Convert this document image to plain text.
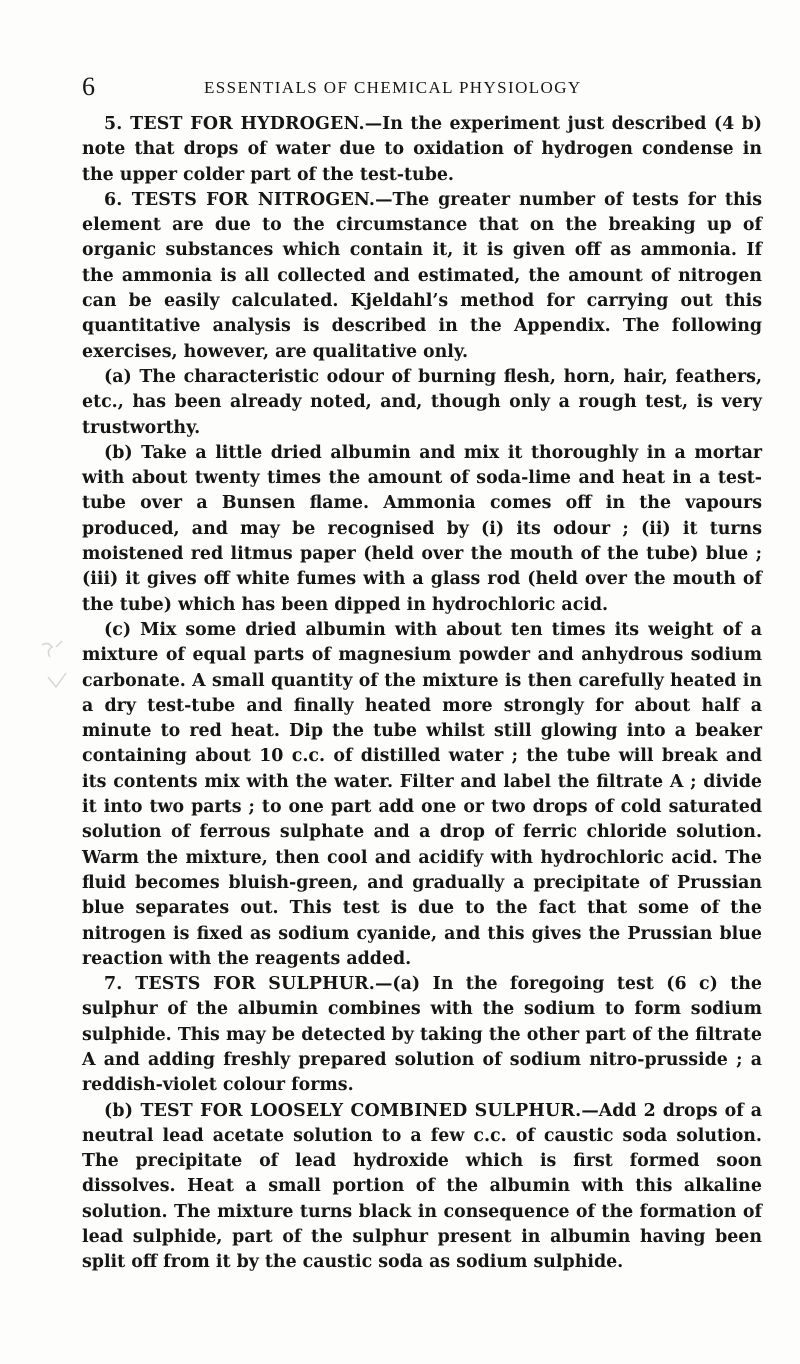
6	ESSENTIALS OF CHEMICAL PHYSIOLOGY

5. TEST FOR HYDROGEN.—In the experiment just described (4 b) note that drops of water due to oxidation of hydrogen condense in the upper colder part of the test-tube.

6. TESTS FOR NITROGEN.—The greater number of tests for this element are due to the circumstance that on the breaking up of organic substances which contain it, it is given off as ammonia. If the ammonia is all collected and estimated, the amount of nitrogen can be easily calculated. Kjeldahl’s method for carrying out this quantitative analysis is described in the Appendix. The following exercises, however, are qualitative only.

(a) The characteristic odour of burning flesh, horn, hair, feathers, etc., has been already noted, and, though only a rough test, is very trustworthy.

(b) Take a little dried albumin and mix it thoroughly in a mortar with about twenty times the amount of soda-lime and heat in a test-tube over a Bunsen flame. Ammonia comes off in the vapours produced, and may be recognised by (i) its odour ; (ii) it turns moistened red litmus paper (held over the mouth of the tube) blue ; (iii) it gives off white fumes with a glass rod (held over the mouth of the tube) which has been dipped in hydrochloric acid.

(c) Mix some dried albumin with about ten times its weight of a mixture of equal parts of magnesium powder and anhydrous sodium carbonate. A small quantity of the mixture is then carefully heated in a dry test-tube and finally heated more strongly for about half a minute to red heat. Dip the tube whilst still glowing into a beaker containing about 10 c.c. of distilled water ; the tube will break and its contents mix with the water. Filter and label the filtrate A ; divide it into two parts ; to one part add one or two drops of cold saturated solution of ferrous sulphate and a drop of ferric chloride solution. Warm the mixture, then cool and acidify with hydrochloric acid. The fluid becomes bluish-green, and gradually a precipitate of Prussian blue separates out. This test is due to the fact that some of the nitrogen is fixed as sodium cyanide, and this gives the Prussian blue reaction with the reagents added.

7. TESTS FOR SULPHUR.—(a) In the foregoing test (6 c) the sulphur of the albumin combines with the sodium to form sodium sulphide. This may be detected by taking the other part of the filtrate A and adding freshly prepared solution of sodium nitro-prusside ; a reddish-violet colour forms.

(b) TEST FOR LOOSELY COMBINED SULPHUR.—Add 2 drops of a neutral lead acetate solution to a few c.c. of caustic soda solution. The precipitate of lead hydroxide which is first formed soon dissolves. Heat a small portion of the albumin with this alkaline solution. The mixture turns black in consequence of the formation of lead sulphide, part of the sulphur present in albumin having been split off from it by the caustic soda as sodium sulphide.
